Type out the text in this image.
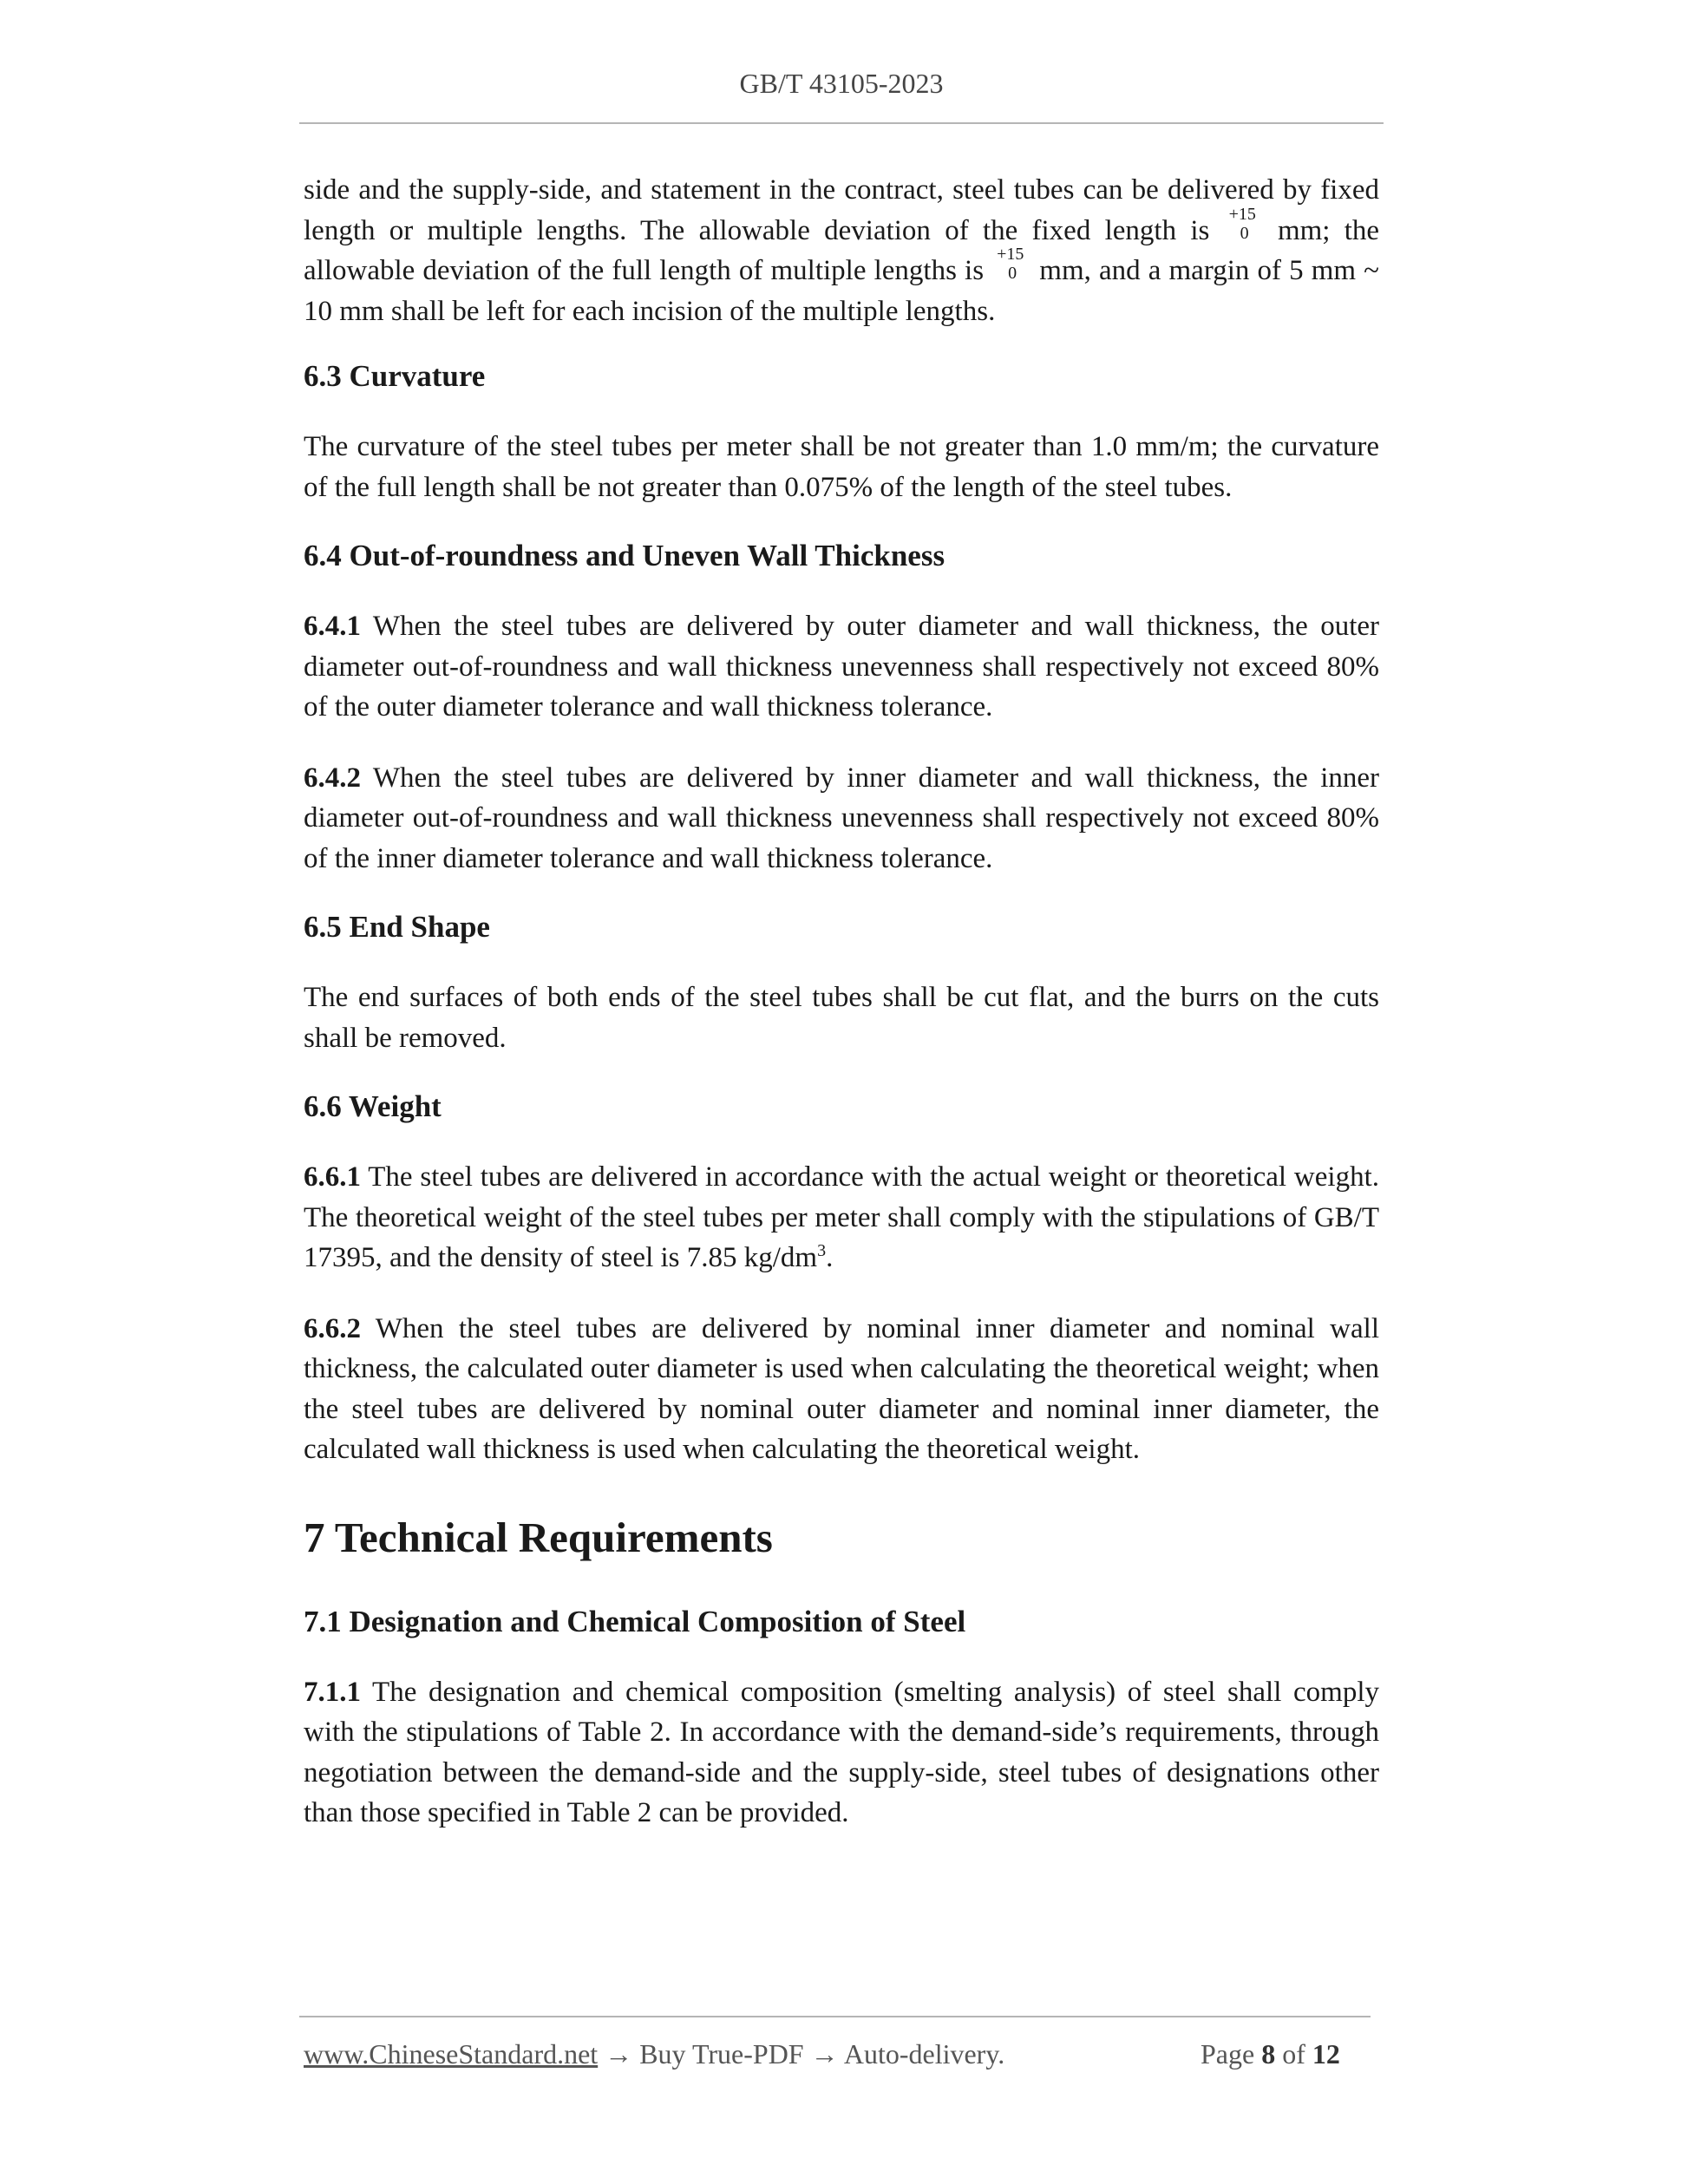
GB/T 43105-2023

side and the supply-side, and statement in the contract, steel tubes can be delivered by fixed length or multiple lengths. The allowable deviation of the fixed length is
+15
0 mm; the allowable deviation of the full length of multiple lengths is
+15
0 mm, and a margin of 5 mm ~ 10 mm shall be left for each incision of the multiple lengths.

6.3 Curvature

The curvature of the steel tubes per meter shall be not greater than 1.0 mm/m; the curvature of the full length shall be not greater than 0.075% of the length of the steel tubes.

6.4 Out-of-roundness and Uneven Wall Thickness

6.4.1 When the steel tubes are delivered by outer diameter and wall thickness, the outer diameter out-of-roundness and wall thickness unevenness shall respectively not exceed 80% of the outer diameter tolerance and wall thickness tolerance.

6.4.2 When the steel tubes are delivered by inner diameter and wall thickness, the inner diameter out-of-roundness and wall thickness unevenness shall respectively not exceed 80% of the inner diameter tolerance and wall thickness tolerance.

6.5 End Shape

The end surfaces of both ends of the steel tubes shall be cut flat, and the burrs on the cuts shall be removed.

6.6 Weight

6.6.1 The steel tubes are delivered in accordance with the actual weight or theoretical weight. The theoretical weight of the steel tubes per meter shall comply with the stipulations of GB/T 17395, and the density of steel is 7.85 $kg/dm^3$.

6.6.2 When the steel tubes are delivered by nominal inner diameter and nominal wall thickness, the calculated outer diameter is used when calculating the theoretical weight; when the steel tubes are delivered by nominal outer diameter and nominal inner diameter, the calculated wall thickness is used when calculating the theoretical weight.

7 Technical Requirements
7.1 Designation and Chemical Composition of Steel

7.1.1 The designation and chemical composition (smelting analysis) of steel shall comply with the stipulations of Table 2. In accordance with the demand-side’s requirements, through negotiation between the demand-side and the supply-side, steel tubes of designations other than those specified in Table 2 can be provided.

www.ChineseStandard.net → Buy True-PDF → Auto-delivery.	Page 8 of 12
